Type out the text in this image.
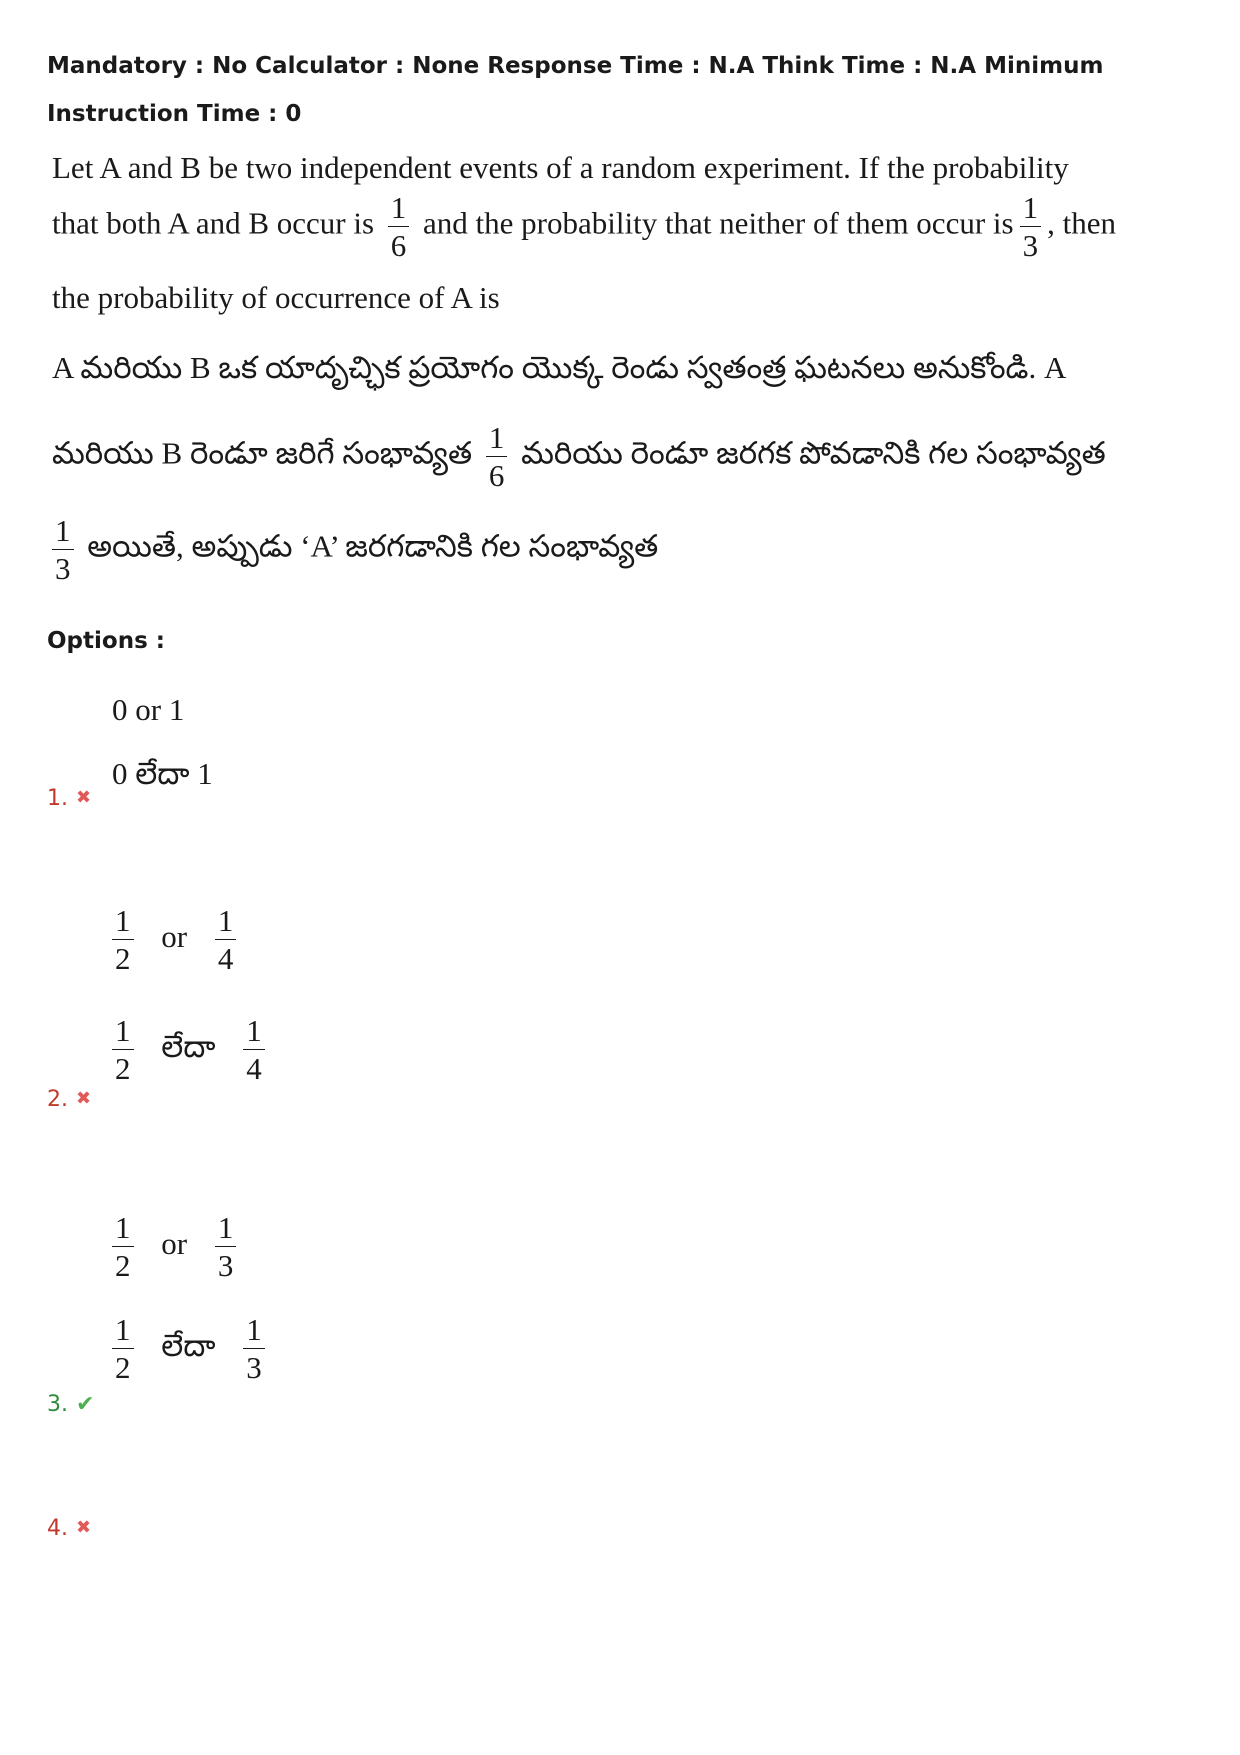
Mandatory : No Calculator : None Response Time : N.A Think Time : N.A Minimum Instruction Time : 0
Let A and B be two independent events of a random experiment. If the probability
that both A and B occur is $\frac{1}{6}$ and the probability that neither of them occur is $\frac{1}{3}$ , then
the probability of occurrence of A is
A మరియు B ఒక యాదృచ్ఛిక ప్రయోగం యొక్క రెండు స్వతంత్ర ఘటనలు అనుకోండి. A
మరియు B రెండూ జరిగే సంభావ్యత $\frac{1}{6}$ మరియు రెండూ జరగక పోవడానికి గల సంభావ్యత
$\frac{1}{3}$ అయితే, అప్పుడు ‘A’ జరగడానికి గల సంభావ్యత
Options :
0 or 1
0 లేదా 1
1. ✖
$\frac{1}{2}$ or $\frac{1}{4}$
$\frac{1}{2}$ లేదా $\frac{1}{4}$
2. ✖
$\frac{1}{2}$ or $\frac{1}{3}$
$\frac{1}{2}$ లేదా $\frac{1}{3}$
3. ✔
4. ✖
